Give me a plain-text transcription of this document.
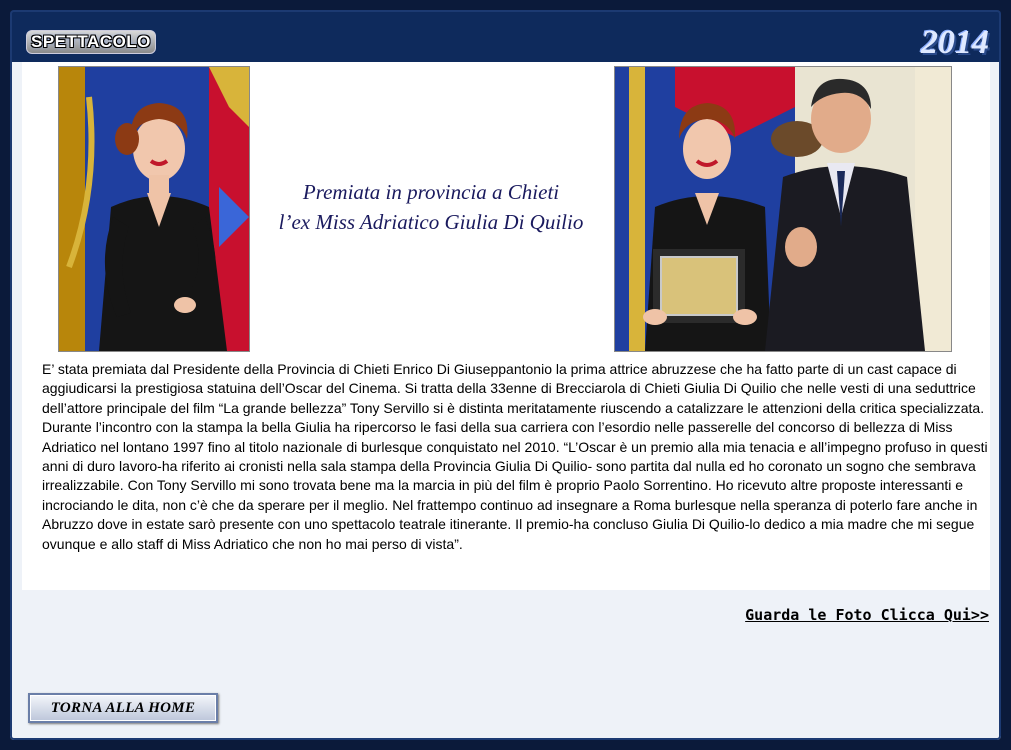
SPETTACOLO	2014
Premiata in provincia a Chieti
l’ex Miss Adriatico Giulia Di Quilio
E’ stata premiata dal Presidente della Provincia di Chieti Enrico Di Giuseppantonio la prima attrice abruzzese che ha fatto parte di un cast capace di aggiudicarsi la prestigiosa statuina dell’Oscar del Cinema. Si tratta della 33enne di Brecciarola di Chieti Giulia Di Quilio che nelle vesti di una seduttrice dell’attore principale del film “La grande bellezza” Tony Servillo si è distinta meritatamente riuscendo a catalizzare le attenzioni della critica specializzata. Durante l’incontro con la stampa la bella Giulia ha ripercorso le fasi della sua carriera con l’esordio nelle passerelle del concorso di bellezza di Miss Adriatico nel lontano 1997 fino al titolo nazionale di burlesque conquistato nel 2010. “L’Oscar è un premio alla mia tenacia e all’impegno profuso in questi anni di duro lavoro-ha riferito ai cronisti nella sala stampa della Provincia Giulia Di Quilio- sono partita dal nulla ed ho coronato un sogno che sembrava irrealizzabile. Con Tony Servillo mi sono trovata bene ma la marcia in più del film è proprio Paolo Sorrentino. Ho ricevuto altre proposte interessanti e incrociando le dita, non c’è che da sperare per il meglio. Nel frattempo continuo ad insegnare a Roma burlesque nella speranza di poterlo fare anche in Abruzzo dove in estate sarò presente con uno spettacolo teatrale itinerante. Il premio-ha concluso Giulia Di Quilio-lo dedico a mia madre che mi segue ovunque e allo staff di Miss Adriatico che non ho mai perso di vista”.
Guarda le Foto Clicca Qui>>
TORNA ALLA HOME
